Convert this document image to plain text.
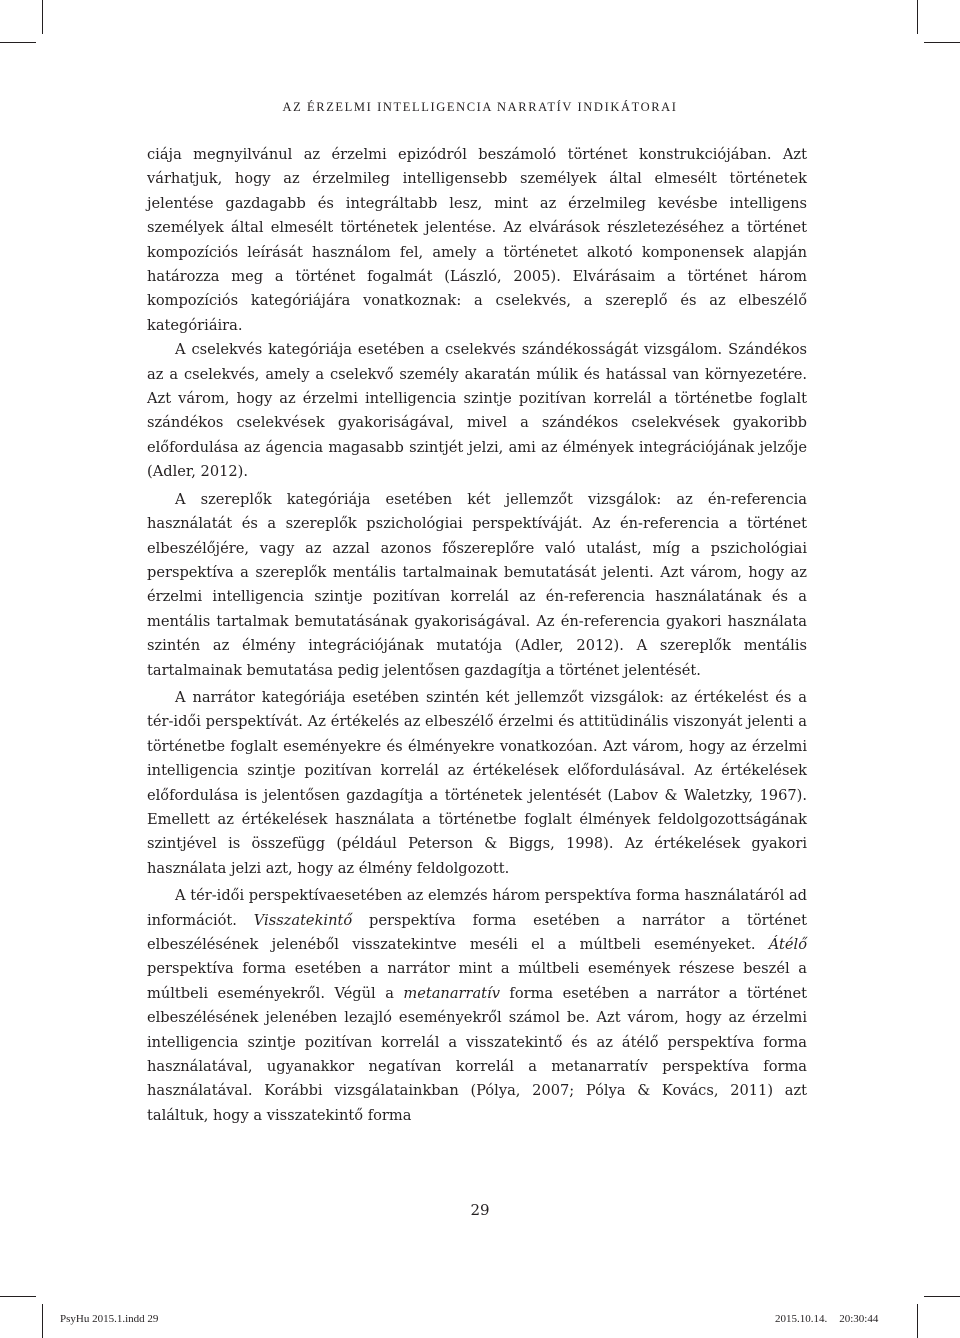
AZ ÉRZELMI INTELLIGENCIA NARRATÍV INDIKÁTORAI

ciája megnyilvánul az érzelmi epizódról beszámoló történet konstrukciójában. Azt várhatjuk, hogy az érzelmileg intelligensebb személyek által elmesélt történetek jelentése gazdagabb és integráltabb lesz, mint az érzelmileg kevésbe intelligens személyek által elmesélt történetek jelentése. Az elvárások részletezéséhez a történet kompozíciós leírását használom fel, amely a történetet alkotó komponensek alapján határozza meg a történet fogalmát (László, 2005). Elvárásaim a történet három kompozíciós kategóriájára vonatkoznak: a cselekvés, a szereplő és az elbeszélő kategóriáira.

A cselekvés kategóriája esetében a cselekvés szándékosságát vizsgálom. Szándékos az a cselekvés, amely a cselekvő személy akaratán múlik és hatással van környezetére. Azt várom, hogy az érzelmi intelligencia szintje pozitívan korrelál a történetbe foglalt szándékos cselekvések gyakoriságával, mivel a szándékos cselekvések gyakoribb előfordulása az ágencia magasabb szintjét jelzi, ami az élmények integrációjának jelzője (Adler, 2012).

A szereplők kategóriája esetében két jellemzőt vizsgálok: az én-referencia használatát és a szereplők pszichológiai perspektíváját. Az én-referencia a történet elbeszélőjére, vagy az azzal azonos főszereplőre való utalást, míg a pszichológiai perspektíva a szereplők mentális tartalmainak bemutatását jelenti. Azt várom, hogy az érzelmi intelligencia szintje pozitívan korrelál az én-referencia használatának és a mentális tartalmak bemutatásának gyakoriságával. Az én-referencia gyakori használata szintén az élmény integrációjának mutatója (Adler, 2012). A szereplők mentális tartalmainak bemutatása pedig jelentősen gazdagítja a történet jelentését.

A narrátor kategóriája esetében szintén két jellemzőt vizsgálok: az értékelést és a tér-idői perspektívát. Az értékelés az elbeszélő érzelmi és attitüdinális viszonyát jelenti a történetbe foglalt eseményekre és élményekre vonatkozóan. Azt várom, hogy az érzelmi intelligencia szintje pozitívan korrelál az értékelések előfordulásával. Az értékelések előfordulása is jelentősen gazdagítja a történetek jelentését (Labov & Waletzky, 1967). Emellett az értékelések használata a történetbe foglalt élmények feldolgozottságának szintjével is összefügg (például Peterson & Biggs, 1998). Az értékelések gyakori használata jelzi azt, hogy az élmény feldolgozott.

A tér-idői perspektívaesetében az elemzés három perspektíva forma használatáról ad információt. Visszatekintő perspektíva forma esetében a narrátor a történet elbeszélésének jelenéből visszatekintve meséli el a múltbeli eseményeket. Átélő perspektíva forma esetében a narrátor mint a múltbeli események részese beszél a múltbeli eseményekről. Végül a metanarratív forma esetében a narrátor a történet elbeszélésének jelenében lezajló eseményekről számol be. Azt várom, hogy az érzelmi intelligencia szintje pozitívan korrelál a visszatekintő és az átélő perspektíva forma használatával, ugyanakkor negatívan korrelál a metanarratív perspektíva forma használatával. Korábbi vizsgálatainkban (Pólya, 2007; Pólya & Kovács, 2011) azt találtuk, hogy a visszatekintő forma

29
PsyHu 2015.1.indd 29	2015.10.14. 20:30:44
